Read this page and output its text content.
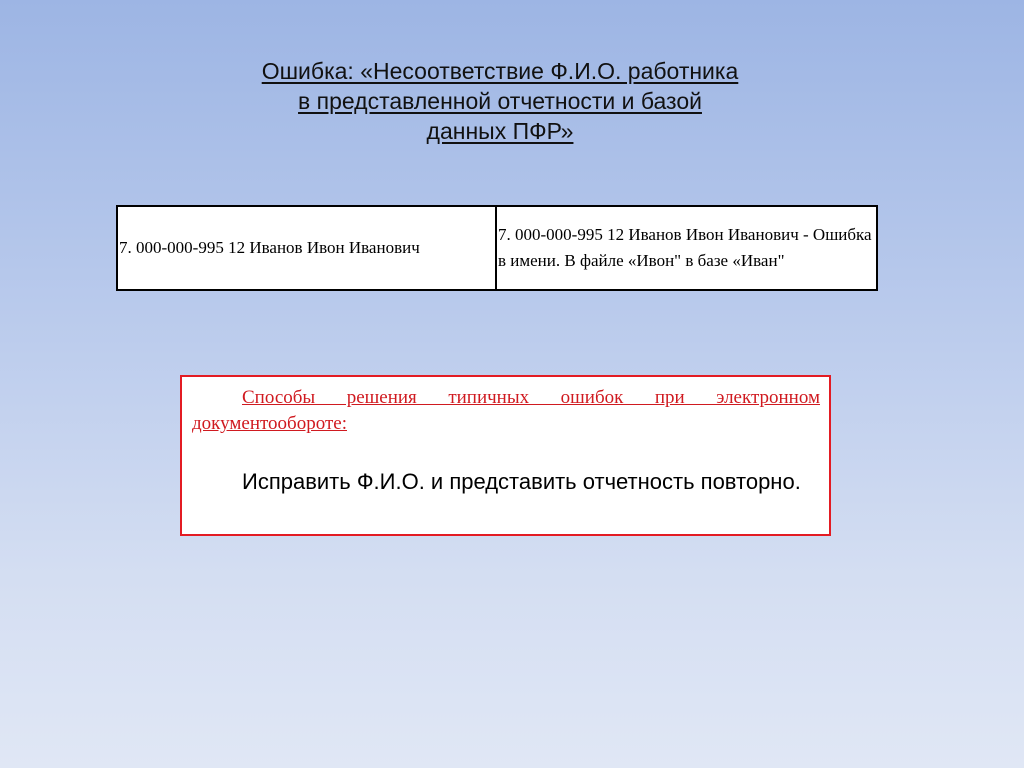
Ошибка: «Несоответствие Ф.И.О. работника
в представленной отчетности и базой
данных ПФР»
7. 000-000-995 12 Иванов Ивон Иванович	7. 000-000-995 12 Иванов Ивон Иванович - Ошибка в имени. В файле «Ивон" в базе «Иван"

Способы решения типичных ошибок при электронном документообороте:

Исправить Ф.И.О. и представить отчетность повторно.
